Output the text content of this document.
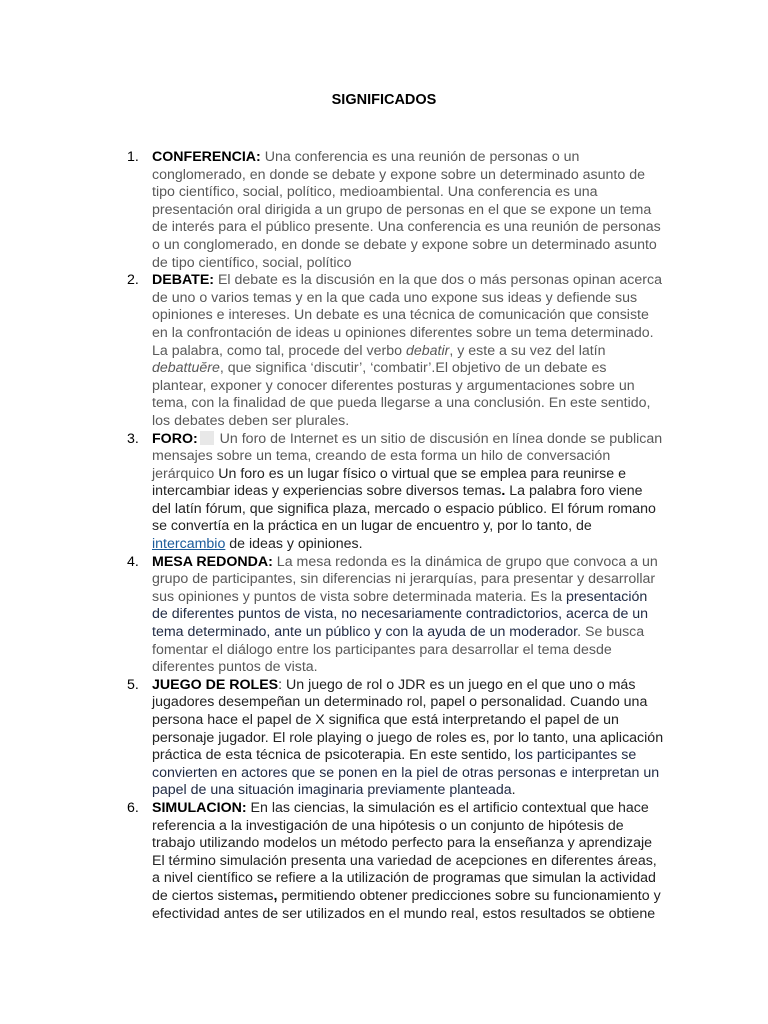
SIGNIFICADOS
1. CONFERENCIA: Una conferencia es una reunión de personas o un conglomerado, en donde se debate y expone sobre un determinado asunto de tipo científico, social, político, medioambiental. Una conferencia es una presentación oral dirigida a un grupo de personas en el que se expone un tema de interés para el público presente. Una conferencia es una reunión de personas o un conglomerado, en donde se debate y expone sobre un determinado asunto de tipo científico, social, político
2. DEBATE: El debate es la discusión en la que dos o más personas opinan acerca de uno o varios temas y en la que cada uno expone sus ideas y defiende sus opiniones e intereses. Un debate es una técnica de comunicación que consiste en la confrontación de ideas u opiniones diferentes sobre un tema determinado. La palabra, como tal, procede del verbo debatir, y este a su vez del latín debattuĕre, que significa ‘discutir’, ‘combatir’.El objetivo de un debate es plantear, exponer y conocer diferentes posturas y argumentaciones sobre un tema, con la finalidad de que pueda llegarse a una conclusión. En este sentido, los debates deben ser plurales.
3. FORO: Un foro de Internet es un sitio de discusión en línea donde se publican mensajes sobre un tema, creando de esta forma un hilo de conversación jerárquico Un foro es un lugar físico o virtual que se emplea para reunirse e intercambiar ideas y experiencias sobre diversos temas. La palabra foro viene del latín fórum, que significa plaza, mercado o espacio público. El fórum romano se convertía en la práctica en un lugar de encuentro y, por lo tanto, de intercambio de ideas y opiniones.
4. MESA REDONDA: La mesa redonda es la dinámica de grupo que convoca a un grupo de participantes, sin diferencias ni jerarquías, para presentar y desarrollar sus opiniones y puntos de vista sobre determinada materia. Es la presentación de diferentes puntos de vista, no necesariamente contradictorios, acerca de un tema determinado, ante un público y con la ayuda de un moderador. Se busca fomentar el diálogo entre los participantes para desarrollar el tema desde diferentes puntos de vista.
5. JUEGO DE ROLES: Un juego de rol o JDR es un juego en el que uno o más jugadores desempeñan un determinado rol, papel o personalidad. Cuando una persona hace el papel de X significa que está interpretando el papel de un personaje jugador. El role playing o juego de roles es, por lo tanto, una aplicación práctica de esta técnica de psicoterapia. En este sentido, los participantes se convierten en actores que se ponen en la piel de otras personas e interpretan un papel de una situación imaginaria previamente planteada.
6. SIMULACION: En las ciencias, la simulación es el artificio contextual que hace referencia a la investigación de una hipótesis o un conjunto de hipótesis de trabajo utilizando modelos un método perfecto para la enseñanza y aprendizaje
El término simulación presenta una variedad de acepciones en diferentes áreas, a nivel científico se refiere a la utilización de programas que simulan la actividad de ciertos sistemas, permitiendo obtener predicciones sobre su funcionamiento y efectividad antes de ser utilizados en el mundo real, estos resultados se obtiene
